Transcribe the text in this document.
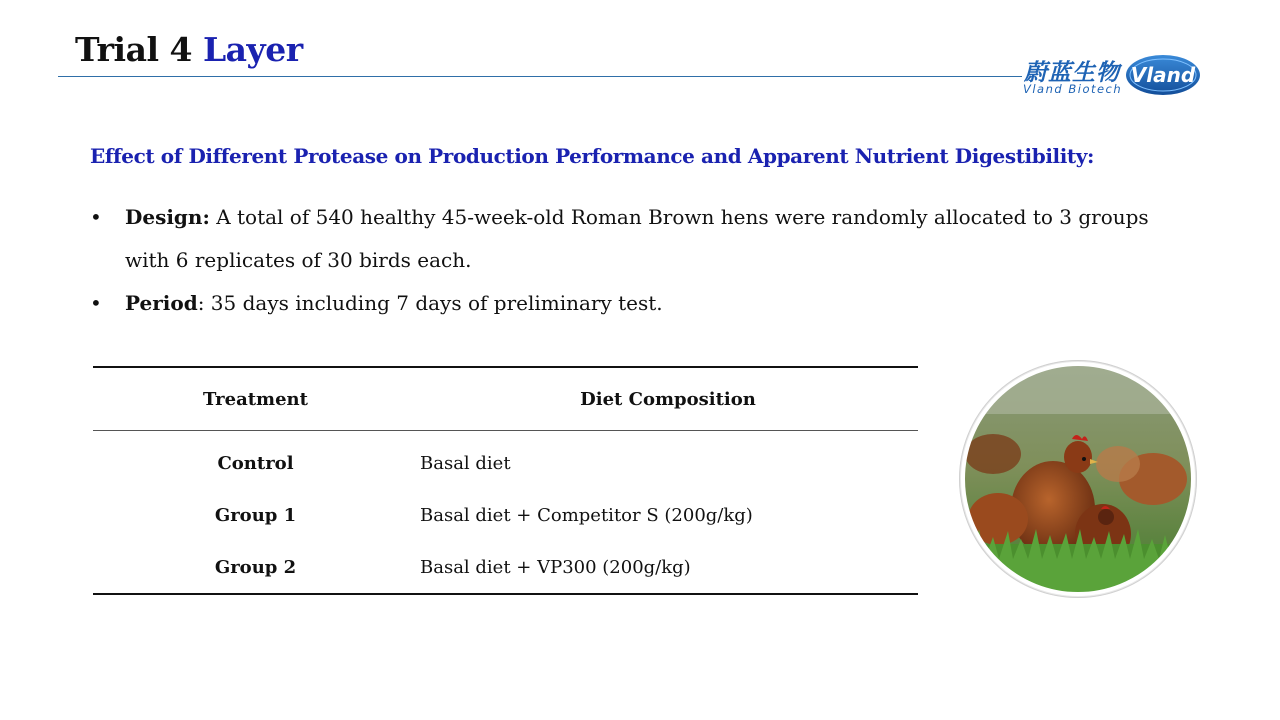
Trial 4 Layer
蔚蓝生物
Vland Biotech
Vland
Effect of Different Protease on Production Performance and Apparent Nutrient Digestibility:
• Design: A total of 540 healthy 45-week-old Roman Brown hens were randomly allocated to 3 groups with 6 replicates of 30 birds each.
• Period: 35 days including 7 days of preliminary test.
Treatment	Diet Composition
Control	Basal diet
Group 1	Basal diet + Competitor S (200g/kg)
Group 2	Basal diet + VP300 (200g/kg)
